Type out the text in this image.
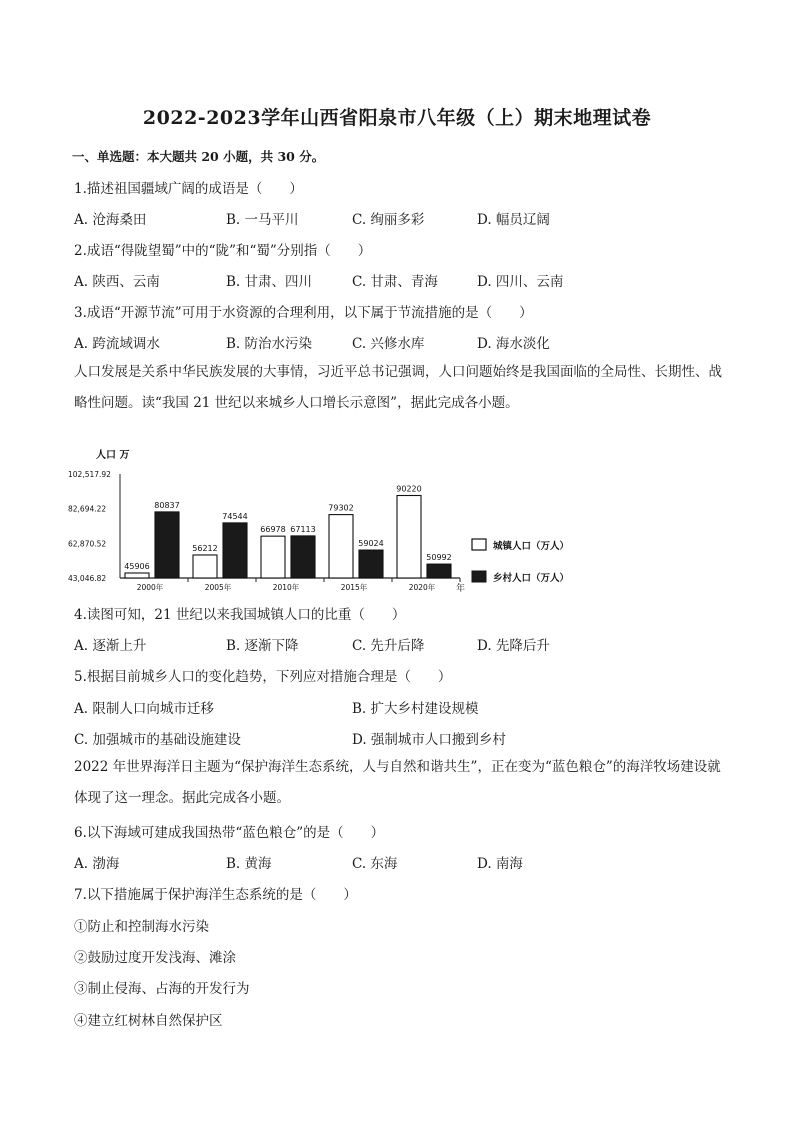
2022-2023学年山西省阳泉市八年级（上）期末地理试卷
一、单选题：本大题共 20 小题，共 30 分。
1.描述祖国疆域广阔的成语是（　　）
A. 沧海桑田	B. 一马平川	C. 绚丽多彩	D. 幅员辽阔
2.成语“得陇望蜀”中的“陇”和“蜀”分别指（　　）
A. 陕西、云南	B. 甘肃、四川	C. 甘肃、青海	D. 四川、云南
3.成语“开源节流”可用于水资源的合理利用，以下属于节流措施的是（　　）
A. 跨流域调水	B. 防治水污染	C. 兴修水库	D. 海水淡化
人口发展是关系中华民族发展的大事情，习近平总书记强调，人口问题始终是我国面临的全局性、长期性、战略性问题。读“我国 21 世纪以来城乡人口增长示意图”，据此完成各小题。
人口 万
102,517.92
82,694.22
62,870.52
43,046.82
45906
80837
56212
74544
66978 67113
79302
59024
90220
50992
2000年	2005年	2010年	2015年	2020年 年
城镇人口（万人）
乡村人口（万人）
4.读图可知，21 世纪以来我国城镇人口的比重（　　）
A. 逐渐上升	B. 逐渐下降	C. 先升后降	D. 先降后升
5.根据目前城乡人口的变化趋势，下列应对措施合理是（　　）
A. 限制人口向城市迁移	B. 扩大乡村建设规模
C. 加强城市的基础设施建设	D. 强制城市人口搬到乡村
2022 年世界海洋日主题为“保护海洋生态系统，人与自然和谐共生”，正在变为“蓝色粮仓”的海洋牧场建设就体现了这一理念。据此完成各小题。
6.以下海域可建成我国热带“蓝色粮仓”的是（　　）
A. 渤海	B. 黄海	C. 东海	D. 南海
7.以下措施属于保护海洋生态系统的是（　　）
①防止和控制海水污染
②鼓励过度开发浅海、滩涂
③制止侵海、占海的开发行为
④建立红树林自然保护区
